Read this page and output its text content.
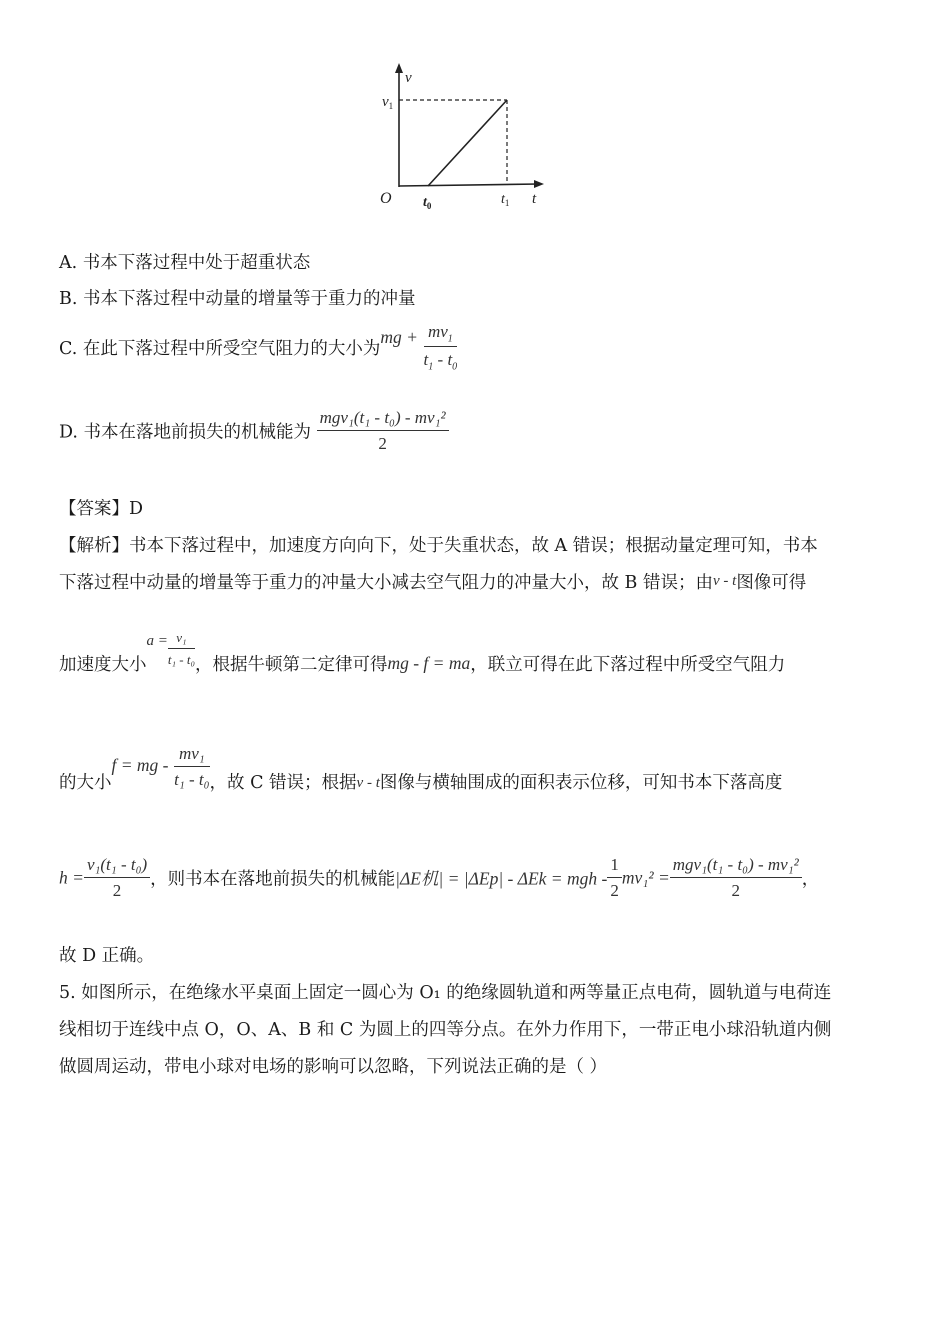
v
$v_1$
O $t_0$	$t_1$ t
A. 书本下落过程中处于超重状态
B. 书本下落过程中动量的增量等于重力的冲量
C. 在此下落过程中所受空气阻力的大小为mg + $\frac{mv_1}{t_1 - t_0}$
D. 书本在落地前损失的机械能为 $\frac{\text{mgv₁(t₁ - t₀) - mv₁²}}{2}$
【答案】D
【解析】书本下落过程中，加速度方向向下，处于失重状态，故 A 错误；根据动量定理可知，书本
下落过程中动量的增量等于重力的冲量大小减去空气阻力的冲量大小，故 B 错误；由v - t图像可得
加速度大小$a = \frac{\text{v₁}}{\text{t₁ - t₀}}$ ，根据牛顿第二定律可得mg - f = ma，联立可得在此下落过程中所受空气阻力
的大小f = mg - $\frac{\text{mv₁}}{\text{t₁ - t₀}}$ ，故 C 错误；根据v - t图像与横轴围成的面积表示位移，可知书本下落高度
$h = \frac{\text{v₁(t₁ - t₀)}}{2}$ ，则书本在落地前损失的机械能|ΔE机| = |ΔEp| - ΔEk = mgh - $\frac{1}{2} mv_1^2 = \frac{\text{mgv₁(t₁ - t₀) - mv₁²}}{2}$ ，
故 D 正确。
5. 如图所示，在绝缘水平桌面上固定一圆心为 O₁ 的绝缘圆轨道和两等量正点电荷，圆轨道与电荷连
线相切于连线中点 O，O、A、B 和 C 为圆上的四等分点。在外力作用下，一带正电小球沿轨道内侧
做圆周运动，带电小球对电场的影响可以忽略，下列说法正确的是（ ）
